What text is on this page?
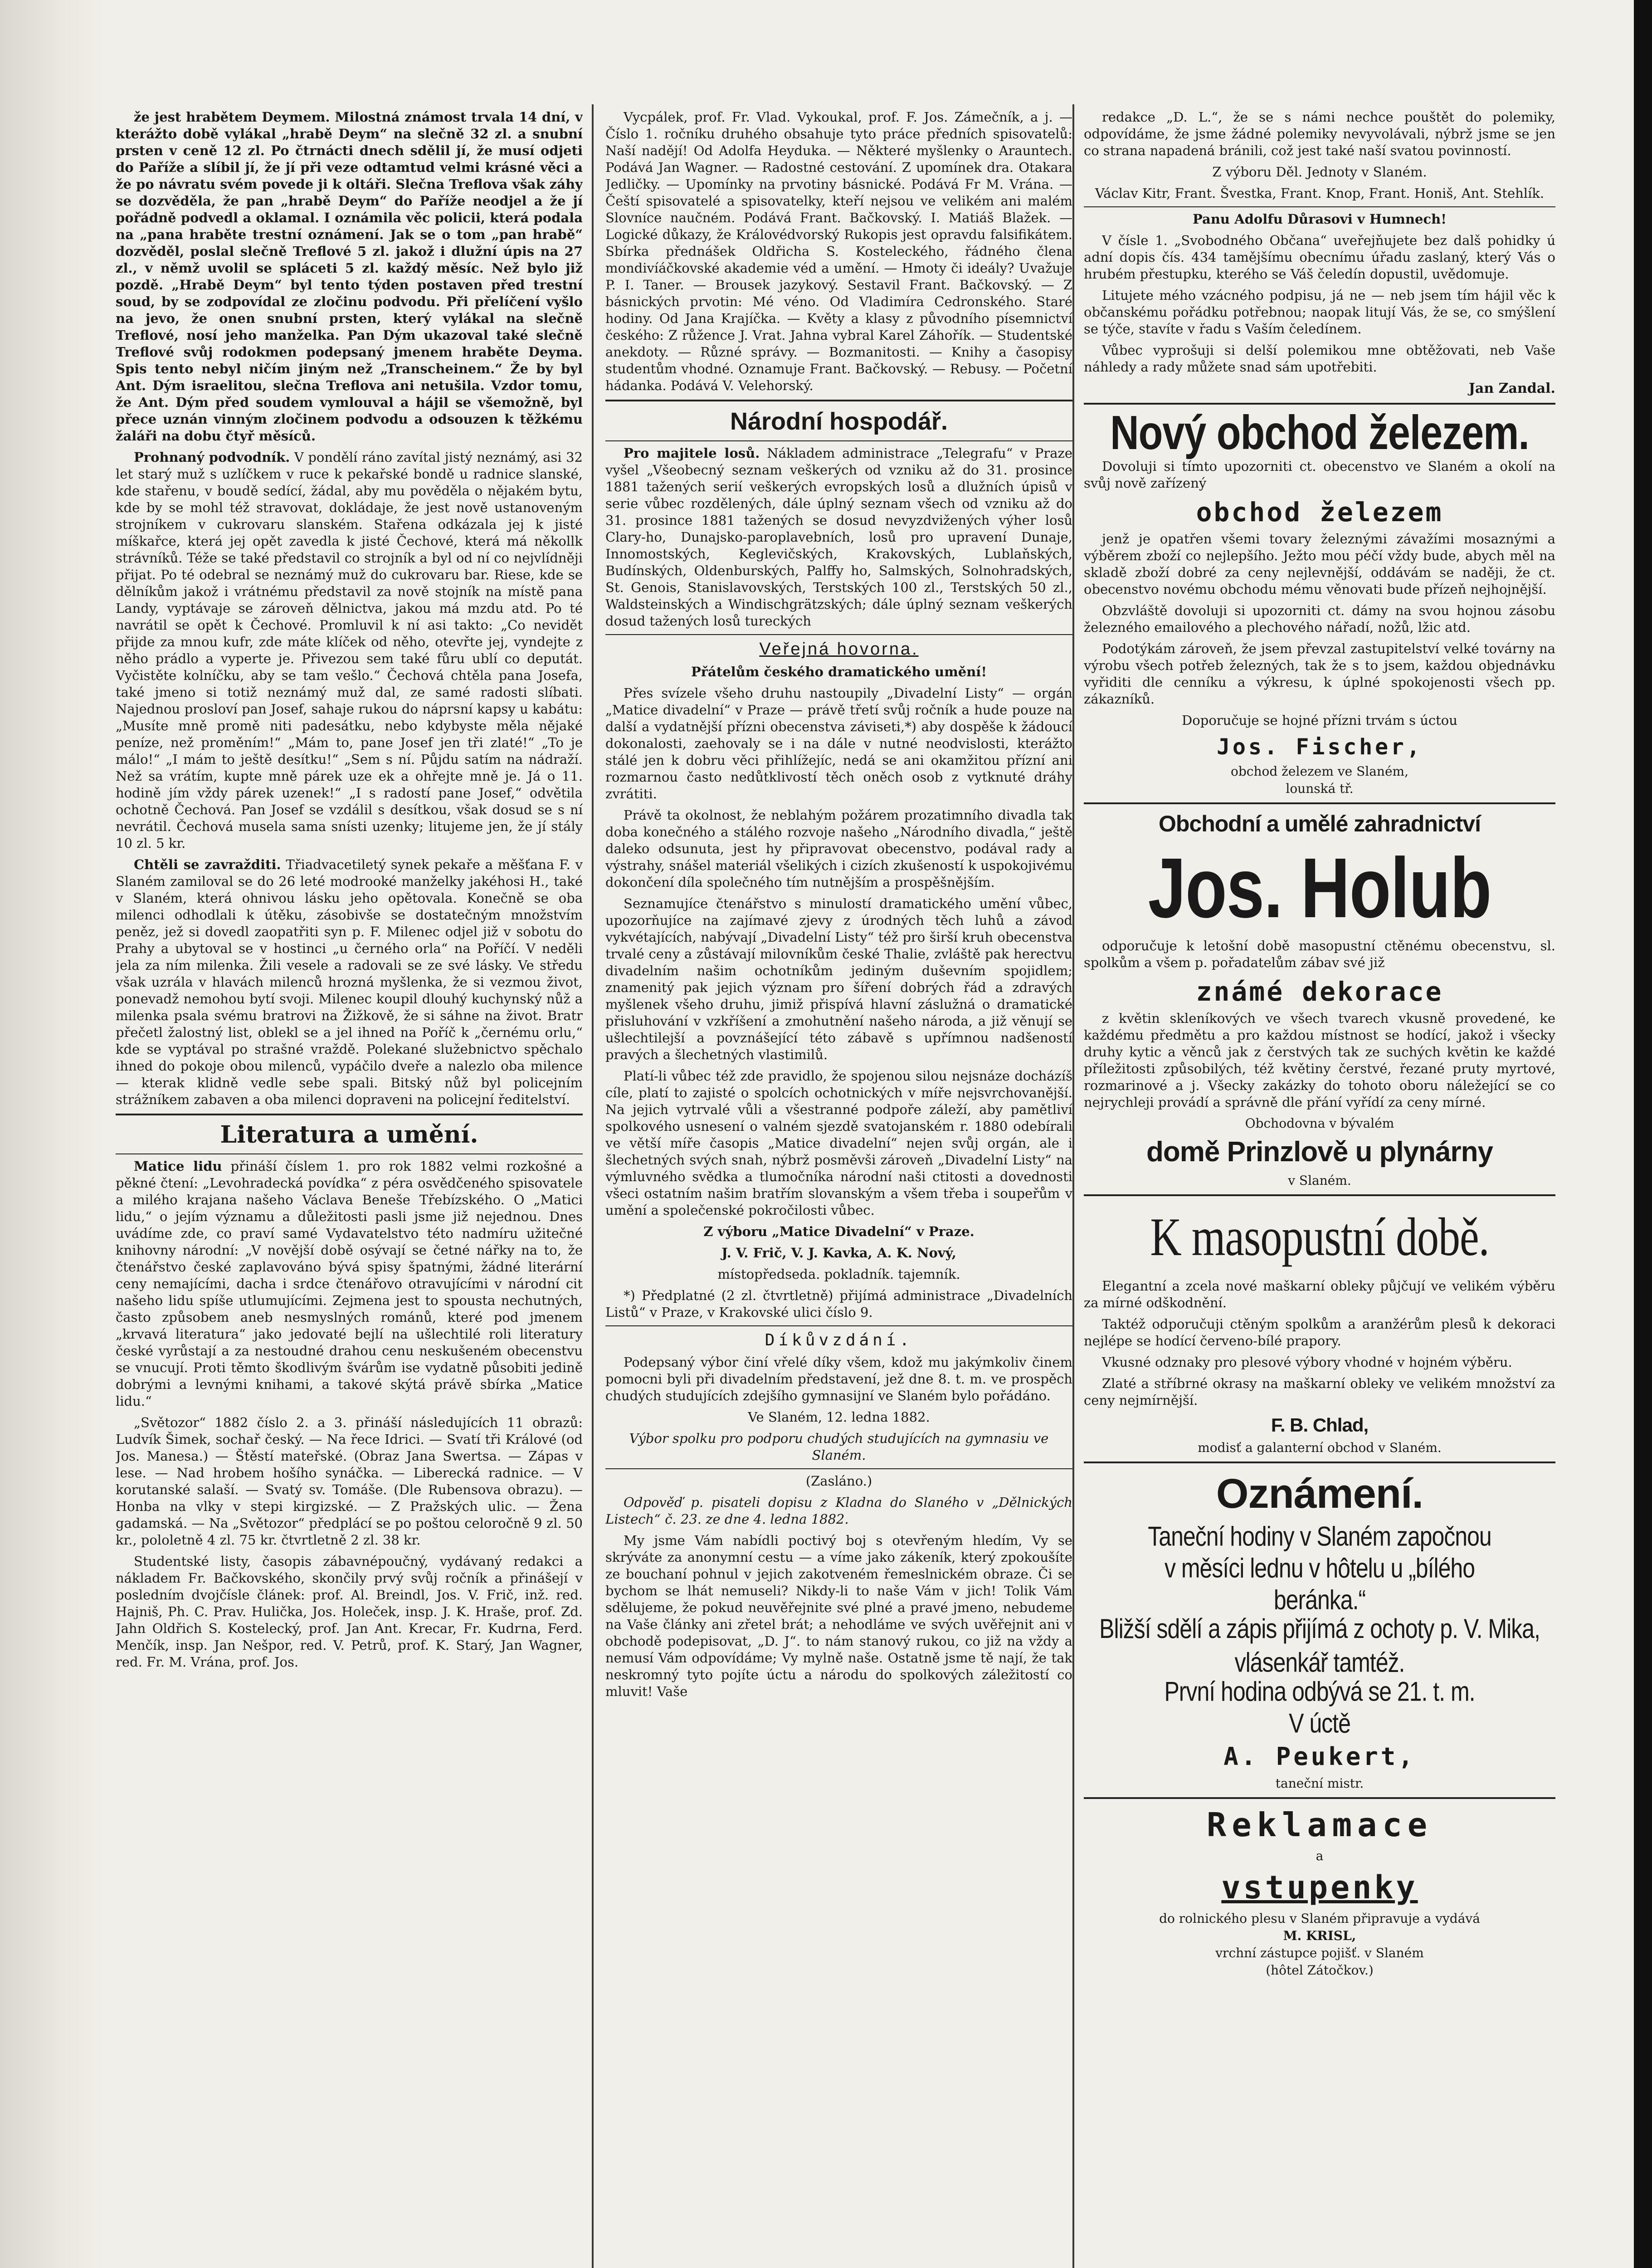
že jest hrabětem Deymem. Milostná známost trvala 14 dní, v kterážto době vylákal „hrabě Deym“ na slečně 32 zl. a snubní prsten v ceně 12 zl. Po čtrnácti dnech sdělil jí, že musí odjeti do Paříže a slíbil jí, že jí při veze odtamtud velmi krásné věci a že po návratu svém povede ji k oltáři. Slečna Treflova však záhy se dozvěděla, že pan „hrabě Deym“ do Paříže neodjel a že jí pořádně podvedl a oklamal. I oznámila věc policii, která podala na „pana hraběte trestní oznámení. Jak se o tom „pan hrabě“ dozvěděl, poslal slečně Treflové 5 zl. jakož i dlužní úpis na 27 zl., v němž uvolil se spláceti 5 zl. každý měsíc. Než bylo již pozdě. „Hrabě Deym“ byl tento týden postaven před trestní soud, by se zodpovídal ze zločinu podvodu. Při přelíčení vyšlo na jevo, že onen snubní prsten, který vylákal na slečně Treflové, nosí jeho manželka. Pan Dým ukazoval také slečně Treflové svůj rodokmen podepsaný jmenem hraběte Deyma. Spis tento nebyl ničím jiným než „Transcheinem.“ Že by byl Ant. Dým israelitou, slečna Treflova ani netušila. Vzdor tomu, že Ant. Dým před soudem vymlouval a hájil se všemožně, byl přece uznán vinným zločinem podvodu a odsouzen k těžkému žaláři na dobu čtyř měsíců.

Prohnaný podvodník. V pondělí ráno zavítal jistý neznámý, asi 32 let starý muž s uzlíčkem v ruce k pekařské bondě u radnice slanské, kde stařenu, v boudě sedící, žádal, aby mu pověděla o nějakém bytu, kde by se mohl též stravovat, dokládaje, že jest nově ustanoveným strojníkem v cukrovaru slanském. Stařena odkázala jej k jisté míškařce, která jej opět zavedla k jisté Čechové, která má někollk strávníků. Téže se také představil co strojník a byl od ní co nejvlídněji přijat. Po té odebral se neznámý muž do cukrovaru bar. Riese, kde se dělníkům jakož i vrátnému představil za nově stojník na místě pana Landy, vyptávaje se zároveň dělnictva, jakou má mzdu atd. Po té navrátil se opět k Čechové. Promluvil k ní asi takto: „Co nevidět přijde za mnou kufr, zde máte klíček od něho, otevřte jej, vyndejte z něho prádlo a vyperte je. Přivezou sem také fůru ublí co deputát. Vyčistěte kolníčku, aby se tam vešlo.“ Čechová chtěla pana Josefa, také jmeno si totiž neznámý muž dal, ze samé radosti slíbati. Najednou prosloví pan Josef, sahaje rukou do náprsní kapsy u kabátu: „Musíte mně promě niti padesátku, nebo kdybyste měla nějaké peníze, než proměním!“ „Mám to, pane Josef jen tři zlaté!“ „To je málo!“ „I mám to ještě desítku!“ „Sem s ní. Půjdu satím na nádraží. Než sa vrátím, kupte mně párek uze ek a ohřejte mně je. Já o 11. hodině jím vždy párek uzenek!“ „I s radostí pane Josef,“ odvětila ochotně Čechová. Pan Josef se vzdálil s desítkou, však dosud se s ní nevrátil. Čechová musela sama snísti uzenky; litujeme jen, že jí stály 10 zl. 5 kr.

Chtěli se zavražditi. Třiadvacetiletý synek pekaře a měšťana F. v Slaném zamiloval se do 26 leté modrooké manželky jakéhosi H., také v Slaném, která ohnivou lásku jeho opětovala. Konečně se oba milenci odhodlali k útěku, zásobivše se dostatečným množstvím peněz, jež si dovedl zaopatřiti syn p. F. Milenec odjel již v sobotu do Prahy a ubytoval se v hostinci „u černého orla“ na Poříčí. V neděli jela za ním milenka. Žili vesele a radovali se ze své lásky. Ve středu však uzrála v hlavách milenců hrozná myšlenka, že si vezmou život, ponevadž nemohou bytí svoji. Milenec koupil dlouhý kuchynský nůž a milenka psala svému bratrovi na Žižkově, že si sáhne na život. Bratr přečetl žalostný list, oblekl se a jel ihned na Poříč k „černému orlu,“ kde se vyptával po strašné vraždě. Polekané služebnictvo spěchalo ihned do pokoje obou milenců, vypáčilo dveře a nalezlo oba milence — kterak klidně vedle sebe spali. Bitský nůž byl policejním strážníkem zabaven a oba milenci dopraveni na policejní ředitelství.

Literatura a umění.

Matice lidu přináší číslem 1. pro rok 1882 velmi rozkošné a pěkné čtení: „Levohradecká povídka“ z péra osvědčeného spisovatele a milého krajana našeho Václava Beneše Třebízského. O „Matici lidu,“ o jejím významu a důležitosti pasli jsme již nejednou. Dnes uvádíme zde, co praví samé Vydavatelstvo této nadmíru užitečné knihovny národní: „V novější době osývají se četné nářky na to, že čtenářstvo české zaplavováno bývá spisy špatnými, žádné literární ceny nemajícími, dacha i srdce čtenářovo otravujícími v národní cit našeho lidu spíše utlumujícími. Zejmena jest to spousta nechutných, často způsobem aneb nesmyslných románů, které pod jmenem „krvavá literatura“ jako jedovaté bejlí na ušlechtilé roli literatury české vyrůstají a za nestoudné drahou cenu neskušeném obecenstvu se vnucují. Proti těmto škodlivým švárům ise vydatně působiti jedině dobrými a levnými knihami, a takové skýtá právě sbírka „Matice lidu.“

„Světozor“ 1882 číslo 2. a 3. přináší následujících 11 obrazů: Ludvík Šimek, sochař český. — Na řece Idrici. — Svatí tři Králové (od Jos. Manesa.) — Štěstí mateřské. (Obraz Jana Swertsa. — Zápas v lese. — Nad hrobem hošího synáčka. — Liberecká radnice. — V korutanské salaší. — Svatý sv. Tomáše. (Dle Rubensova obrazu). — Honba na vlky v stepi kirgizské. — Z Pražských ulic. — Žena gadamská. — Na „Světozor“ předplácí se po poštou celoročně 9 zl. 50 kr., pololetně 4 zl. 75 kr. čtvrtletně 2 zl. 38 kr.

Studentské listy, časopis zábavnépoučný, vydávaný redakci a nákladem Fr. Bačkovského, skončily prvý svůj ročník a přinášejí v posledním dvojčísle článek: prof. Al. Breindl, Jos. V. Frič, inž. red. Hajniš, Ph. C. Prav. Hulička, Jos. Holeček, insp. J. K. Hraše, prof. Zd. Jahn Oldřich S. Kostelecký, prof. Jan Ant. Krecar, Fr. Kudrna, Ferd. Menčík, insp. Jan Nešpor, red. V. Petrů, prof. K. Starý, Jan Wagner, red. Fr. M. Vrána, prof. Jos.

Vycpálek, prof. Fr. Vlad. Vykoukal, prof. F. Jos. Zámečník, a j. — Číslo 1. ročníku druhého obsahuje tyto práce předních spisovatelů: Naší nadějí! Od Adolfa Heyduka. — Některé myšlenky o Arauntech. Podává Jan Wagner. — Radostné cestování. Z upomínek dra. Otakara Jedličky. — Upomínky na prvotiny básnické. Podává Fr M. Vrána. — Čeští spisovatelé a spisovatelky, kteří nejsou ve velikém ani malém Slovníce naučném. Podává Frant. Bačkovský. I. Matiáš Blažek. — Logické důkazy, že Královédvorský Rukopis jest opravdu falsifikátem. Sbírka přednášek Oldřicha S. Kosteleckého, řádného člena mondivíáčkovské akademie véd a umění. — Hmoty či ideály? Uvažuje P. I. Taner. — Brousek jazykový. Sestavil Frant. Bačkovský. — Z básnických prvotin: Mé véno. Od Vladimíra Cedronského. Staré hodiny. Od Jana Krajíčka. — Květy a klasy z původního písemnictví českého: Z růžence J. Vrat. Jahna vybral Karel Záhořík. — Studentské anekdoty. — Různé správy. — Bozmanitosti. — Knihy a časopisy studentům vhodné. Oznamuje Frant. Bačkovský. — Rebusy. — Početní hádanka. Podává V. Velehorský.

Národní hospodář.

Pro majitele losů. Nákladem administrace „Telegrafu“ v Praze vyšel „Všeobecný seznam veškerých od vzniku až do 31. prosince 1881 tažených serií veškerých evropských losů a dlužních úpisů v serie vůbec rozdělených, dále úplný seznam všech od vzniku až do 31. prosince 1881 tažených se dosud nevyzdvižených výher losů Clary-ho, Dunajsko-paroplavebních, losů pro upravení Dunaje, Innomostských, Keglevičských, Krakovských, Lublaňských, Budínských, Oldenburských, Palffy ho, Salmských, Solnohradských, St. Genois, Stanislavovských, Terstských 100 zl., Terstských 50 zl., Waldsteinských a Windischgrätzských; dále úplný seznam veškerých dosud tažených losů tureckých

Veřejná hovorna.

Přátelům českého dramatického umění!

Přes svízele všeho druhu nastoupily „Divadelní Listy“ — orgán „Matice divadelní“ v Praze — právě třetí svůj ročník a hude pouze na další a vydatnější přízni obecenstva záviseti,*) aby dospěše k žádoucí dokonalosti, zaehovaly se i na dále v nutné neodvislosti, kterážto stálé jen k dobru věci přihlížejíc, nedá se ani okamžitou přízní ani rozmarnou často nedůtklivostí těch oněch osob z vytknuté dráhy zvrátiti.

Právě ta okolnost, že neblahým požárem prozatimního divadla tak doba konečného a stálého rozvoje našeho „Národního divadla,“ ještě daleko odsunuta, jest hy připravovat obecenstvo, podával rady a výstrahy, snášel materiál všelikých i cizích zkušeností k uspokojivému dokončení díla společného tím nutnějším a prospěšnějším.

Seznamujíce čtenářstvo s minulostí dramatického umění vůbec, upozorňujíce na zajímavé zjevy z úrodných těch luhů a závod vykvétajících, nabývají „Divadelní Listy“ též pro širší kruh obecenstva trvalé ceny a zůstávají milovníkům české Thalie, zvláště pak herectvu divadelním našim ochotníkům jediným duševním spojidlem; znamenitý pak jejich význam pro šíření dobrých řád a zdravých myšlenek všeho druhu, jimiž přispívá hlavní záslužná o dramatické přisluhování v vzkříšení a zmohutnění našeho národa, a již věnují se ušlechtilejší a povznášející této zábavě s upřímnou nadšeností pravých a šlechetných vlastimilů.

Platí-li vůbec též zde pravidlo, že spojenou silou nejsnáze docházíš cíle, platí to zajisté o spolcích ochotnických v míře nejsvrchovanější. Na jejich vytrvalé vůli a všestranné podpoře záleží, aby pamětliví spolkového usnesení o valném sjezdě svatojanském r. 1880 odebírali ve větší míře časopis „Matice divadelní“ nejen svůj orgán, ale i šlechetných svých snah, nýbrž posměvši zároveň „Divadelní Listy“ na výmluvného svědka a tlumočníka národní naši ctitosti a dovednosti všeci ostatním našim bratřím slovanským a všem třeba i soupeřům v umění a společenské pokročilosti vůbec.

Z výboru „Matice Divadelní“ v Praze.

J. V. Frič, V. J. Kavka, A. K. Nový,

místopředseda. pokladník. tajemník.

*) Předplatné (2 zl. čtvrtletně) přijímá administrace „Divadelních Listů“ v Praze, v Krakovské ulici číslo 9.

Díkůvzdání.

Podepsaný výbor činí vřelé díky všem, kdož mu jakýmkoliv činem pomocni byli při divadelním představení, jež dne 8. t. m. ve prospěch chudých studujících zdejšího gymnasijní ve Slaném bylo pořádáno.

Ve Slaném, 12. ledna 1882.

Výbor spolku pro podporu chudých studujících na gymnasiu ve Slaném.

(Zasláno.)

Odpověď p. pisateli dopisu z Kladna do Slaného v „Dělnických Listech“ č. 23. ze dne 4. ledna 1882.

My jsme Vám nabídli poctivý boj s otevřeným hledím, Vy se skrýváte za anonymní cestu — a víme jako zákeník, který zpokoušíte ze bouchaní pohnul v jejich zakotveném řemeslnickém obraze. Či se bychom se lhát nemuseli? Nikdy-li to naše Vám v jich! Tolik Vám sdělujeme, že pokud neuvěřejnite své plné a pravé jmeno, nebudeme na Vaše články ani zřetel brát; a nehodláme ve svých uvěřejnit ani v obchodě podepisovat, „D. J“. to nám stanový rukou, co již na vždy a nemusí Vám odpovídáme; Vy mylně naše. Ostatně jsme tě nají, že tak neskromný tyto pojíte úctu a národu do spolkových záležitostí co mluvit! Vaše

redakce „D. L.“, že se s námi nechce pouštět do polemiky, odpovídáme, že jsme žádné polemiky nevyvolávali, nýbrž jsme se jen co strana napadená bránili, což jest také naší svatou povinností.

Z výboru Děl. Jednoty v Slaném.

Václav Kitr, Frant. Švestka, Frant. Knop, Frant. Honiš, Ant. Stehlík.

Panu Adolfu Důrasovi v Humnech!

V čísle 1. „Svobodného Občana“ uveřejňujete bez dalš pohidky ú adní dopis čís. 434 tamějšímu obecnímu úřadu zaslaný, který Vás o hrubém přestupku, kterého se Váš čeledín dopustil, uvědomuje.

Litujete mého vzácného podpisu, já ne — neb jsem tím hájil věc k občanskému pořádku potřebnou; naopak litují Vás, že se, co smýšlení se týče, stavíte v řadu s Vaším čeledínem.

Vůbec vyprošuji si delší polemikou mne obtěžovati, neb Vaše náhledy a rady můžete snad sám upotřebiti.

Jan Zandal.

Nový obchod železem.

Dovoluji si tímto upozorniti ct. obecenstvo ve Slaném a okolí na svůj nově zařízený

obchod železem

jenž je opatřen všemi tovary železnými závažími mosaznými a výběrem zboží co nejlepšího. Ježto mou péčí vždy bude, abych měl na skladě zboží dobré za ceny nejlevnější, oddávám se naději, že ct. obecenstvo novému obchodu mému věnovati bude přízeň nejhojnější.

Obzvláště dovoluji si upozorniti ct. dámy na svou hojnou zásobu železného emailového a plechového nářadí, nožů, lžic atd.

Podotýkám zároveň, že jsem převzal zastupitelství velké továrny na výrobu všech potřeb železných, tak že s to jsem, každou objednávku vyřiditi dle cenníku a výkresu, k úplné spokojenosti všech pp. zákazníků.

Doporučuje se hojné přízni trvám s úctou

Jos. Fischer,

obchod železem ve Slaném,

lounská tř.

Obchodní a umělé zahradnictví
Jos. Holub

odporučuje k letošní době masopustní ctěnému obecenstvu, sl. spolkům a všem p. pořadatelům zábav své již

známé dekorace

z květin skleníkových ve všech tvarech vkusně provedené, ke každému předmětu a pro každou místnost se hodící, jakož i všecky druhy kytic a věnců jak z čerstvých tak ze suchých květin ke každé příležitosti způsobilých, též květiny čerstvé, řezané pruty myrtové, rozmarinové a j. Všecky zakázky do tohoto oboru náležející se co nejrychleji provádí a správně dle přání vyřídí za ceny mírné.

Obchodovna v bývalém

domě Prinzlově u plynárny

v Slaném.

K masopustní době.

Elegantní a zcela nové maškarní obleky půjčují ve velikém výběru za mírné odškodnění.

Taktéž odporučuji ctěným spolkům a aranžérům plesů k dekoraci nejlépe se hodící červeno-bílé prapory.

Vkusné odznaky pro plesové výbory vhodné v hojném výběru.

Zlaté a stříbrné okrasy na maškarní obleky ve velikém množství za ceny nejmírnější.

F. B. Chlad,

modisť a galanterní obchod v Slaném.

Oznámení.
Taneční hodiny v Slaném započnou
v měsíci lednu v hôtelu u „bílého
beránka.“
Bližší sdělí a zápis přijímá z ochoty p. V. Mika, vlásenkář tamtéž.
První hodina odbývá se 21. t. m.
V úctě
A. Peukert,

taneční mistr.

Reklamace

a

vstupenky

do rolnického plesu v Slaném připravuje a vydává

M. KRISL,

vrchní zástupce pojišť. v Slaném

(hôtel Zátočkov.)
